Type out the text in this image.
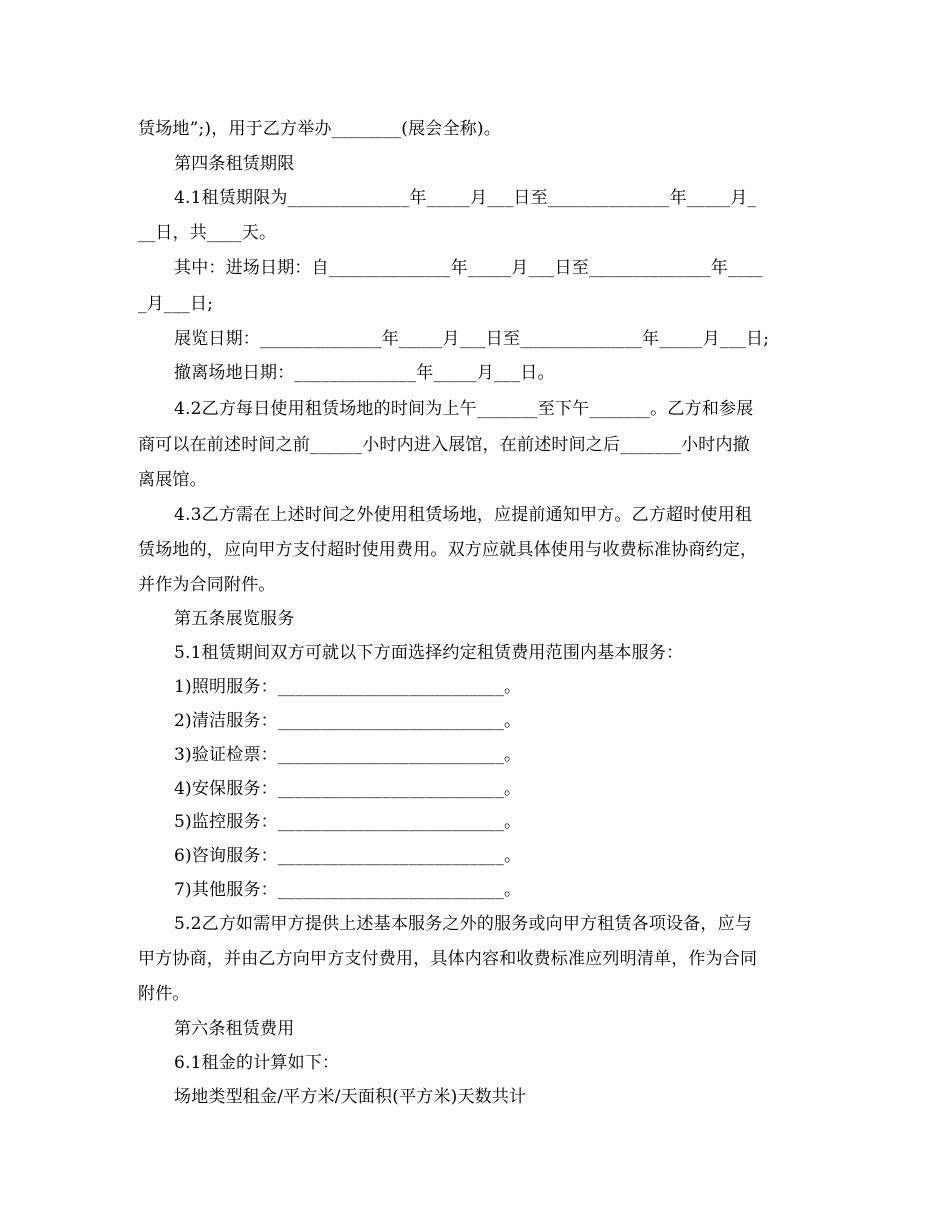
赁场地”;)，用于乙方举办________(展会全称)。
第四条租赁期限
4.1租赁期限为______________年_____月___日至______________年_____月_
__日，共____天。
其中：进场日期：自______________年_____月___日至______________年____
_月___日;
展览日期：______________年_____月___日至______________年_____月___日;
撤离场地日期：______________年_____月___日。
4.2乙方每日使用租赁场地的时间为上午_______至下午_______。乙方和参展
商可以在前述时间之前______小时内进入展馆，在前述时间之后_______小时内撤
离展馆。
4.3乙方需在上述时间之外使用租赁场地，应提前通知甲方。乙方超时使用租
赁场地的，应向甲方支付超时使用费用。双方应就具体使用与收费标准协商约定，
并作为合同附件。
第五条展览服务
5.1租赁期间双方可就以下方面选择约定租赁费用范围内基本服务：
1)照明服务：__________________________。
2)清洁服务：__________________________。
3)验证检票：__________________________。
4)安保服务：__________________________。
5)监控服务：__________________________。
6)咨询服务：__________________________。
7)其他服务：__________________________。
5.2乙方如需甲方提供上述基本服务之外的服务或向甲方租赁各项设备，应与
甲方协商，并由乙方向甲方支付费用，具体内容和收费标准应列明清单，作为合同
附件。
第六条租赁费用
6.1租金的计算如下：
场地类型租金/平方米/天面积(平方米)天数共计
